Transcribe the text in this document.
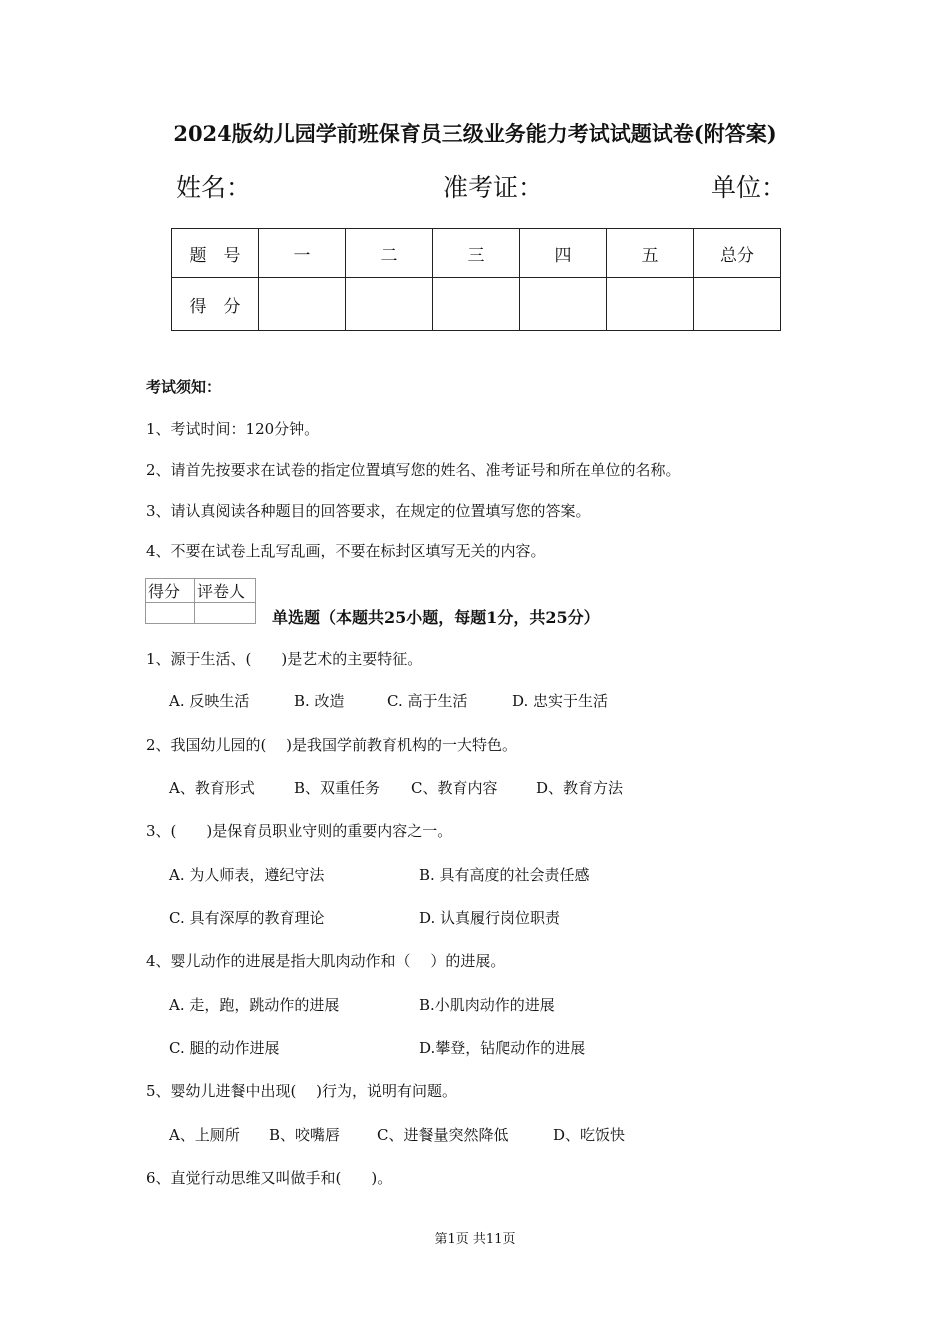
2024版幼儿园学前班保育员三级业务能力考试试题试卷(附答案)
姓名：	准考证：	单位：
题　号	一	二	三	四	五	总分
得　分						
考试须知：
1、考试时间：120分钟。
2、请首先按要求在试卷的指定位置填写您的姓名、准考证号和所在单位的名称。
3、请认真阅读各种题目的回答要求，在规定的位置填写您的答案。
4、不要在试卷上乱写乱画，不要在标封区填写无关的内容。
得分	评卷人

单选题（本题共25小题，每题1分，共25分）
1、源于生活、(　　)是艺术的主要特征。
A. 反映生活	B. 改造	C. 高于生活	D. 忠实于生活
2、我国幼儿园的(　 )是我国学前教育机构的一大特色。
A、教育形式	B、双重任务 C、教育内容	D、教育方法
3、(　　)是保育员职业守则的重要内容之一。
A. 为人师表，遵纪守法	B. 具有高度的社会责任感
C. 具有深厚的教育理论	D. 认真履行岗位职责
4、婴儿动作的进展是指大肌肉动作和（　 ）的进展。
A. 走，跑，跳动作的进展	B.小肌肉动作的进展
C. 腿的动作进展	D.攀登，钻爬动作的进展
5、婴幼儿进餐中出现(　 )行为，说明有问题。
A、上厕所 B、咬嘴唇 C、进餐量突然降低	D、吃饭快
6、直觉行动思维又叫做手和(　　)。
第1页 共11页
